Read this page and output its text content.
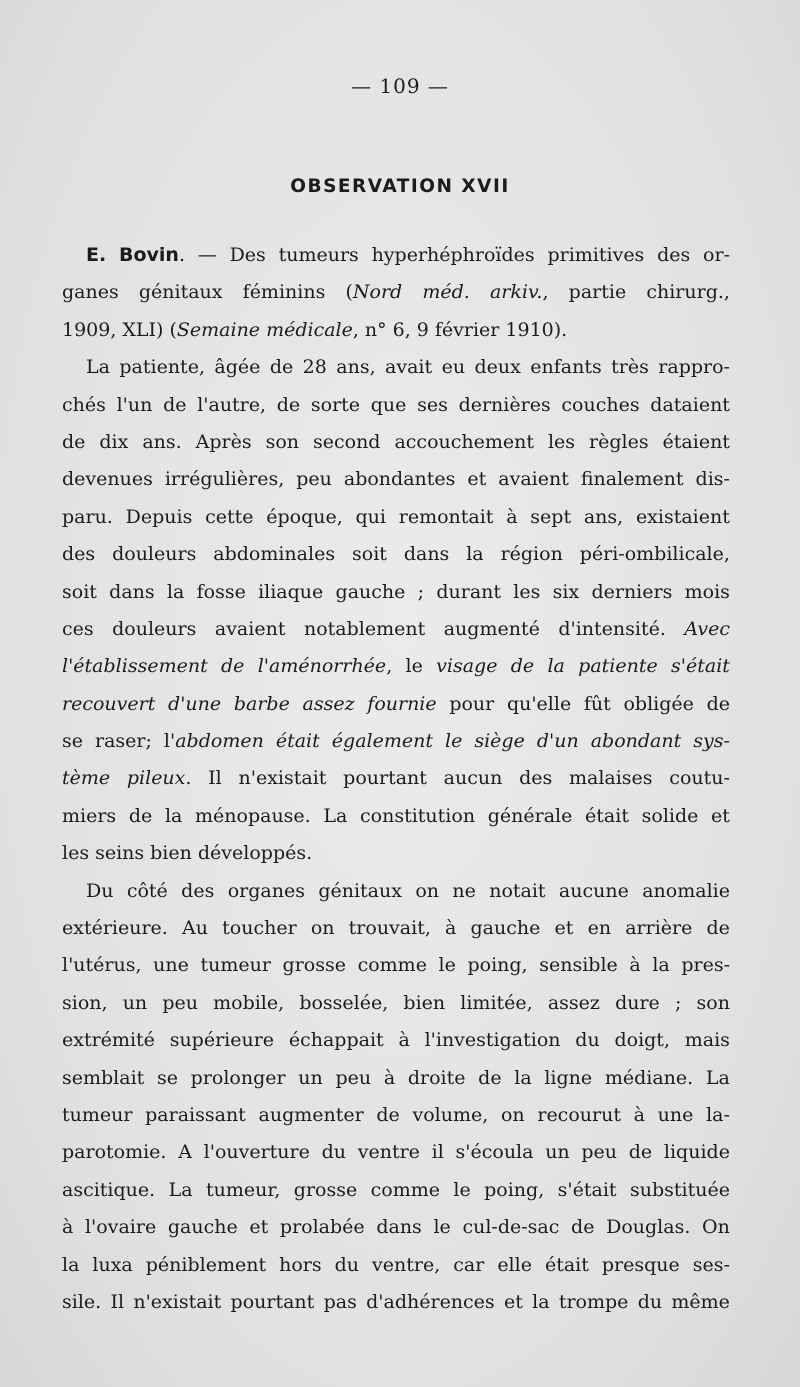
— 109 —
OBSERVATION XVII
E. Bovin. — Des tumeurs hyperhéphroïdes primitives des or-
ganes génitaux féminins (Nord méd. arkiv., partie chirurg.,
1909, XLI) (Semaine médicale, n° 6, 9 février 1910).
La patiente, âgée de 28 ans, avait eu deux enfants très rappro-
chés l'un de l'autre, de sorte que ses dernières couches dataient
de dix ans. Après son second accouchement les règles étaient
devenues irrégulières, peu abondantes et avaient finalement dis-
paru. Depuis cette époque, qui remontait à sept ans, existaient
des douleurs abdominales soit dans la région péri-ombilicale,
soit dans la fosse iliaque gauche ; durant les six derniers mois
ces douleurs avaient notablement augmenté d'intensité. Avec
l'établissement de l'aménorrhée, le visage de la patiente s'était
recouvert d'une barbe assez fournie pour qu'elle fût obligée de
se raser; l'abdomen était également le siège d'un abondant sys-
tème pileux. Il n'existait pourtant aucun des malaises coutu-
miers de la ménopause. La constitution générale était solide et
les seins bien développés.
Du côté des organes génitaux on ne notait aucune anomalie
extérieure. Au toucher on trouvait, à gauche et en arrière de
l'utérus, une tumeur grosse comme le poing, sensible à la pres-
sion, un peu mobile, bosselée, bien limitée, assez dure ; son
extrémité supérieure échappait à l'investigation du doigt, mais
semblait se prolonger un peu à droite de la ligne médiane. La
tumeur paraissant augmenter de volume, on recourut à une la-
parotomie. A l'ouverture du ventre il s'écoula un peu de liquide
ascitique. La tumeur, grosse comme le poing, s'était substituée
à l'ovaire gauche et prolabée dans le cul-de-sac de Douglas. On
la luxa péniblement hors du ventre, car elle était presque ses-
sile. Il n'existait pourtant pas d'adhérences et la trompe du même
